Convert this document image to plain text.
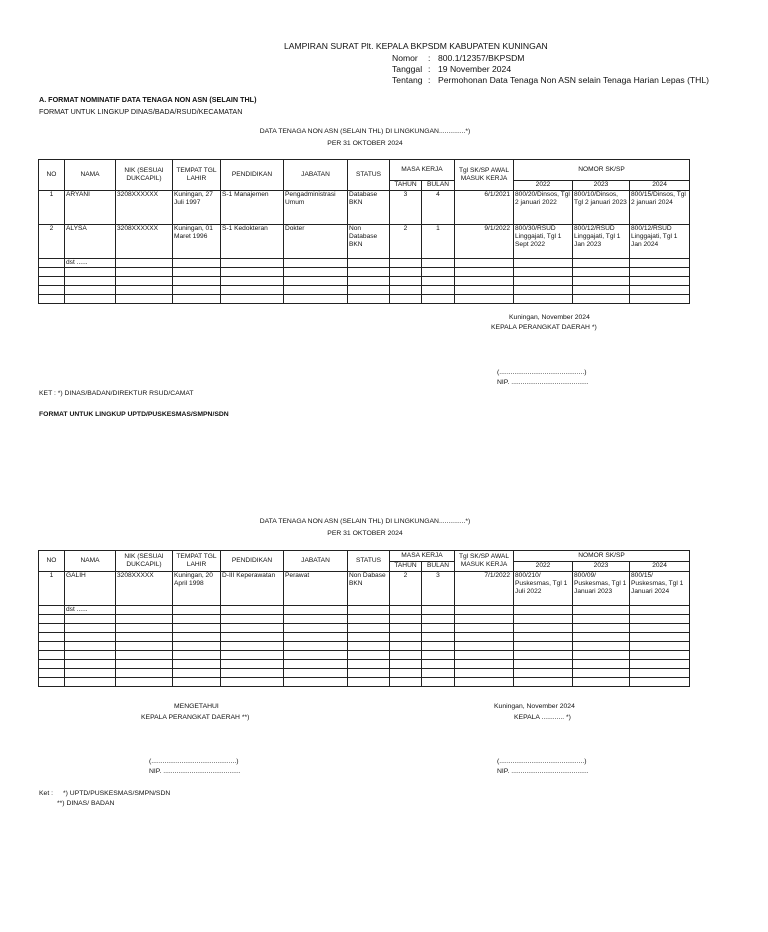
LAMPIRAN SURAT Plt. KEPALA BKPSDM KABUPATEN KUNINGAN
Nomor	: 800.1/12357/BKPSDM
Tanggal : 19 November 2024
Tentang : Permohonan Data Tenaga Non ASN selain Tenaga Harian Lepas (THL)
A. FORMAT NOMINATIF DATA TENAGA NON ASN (SELAIN THL)
FORMAT UNTUK LINGKUP DINAS/BADA/RSUD/KECAMATAN
DATA TENAGA NON ASN (SELAIN THL) DI LINGKUNGAN..............*)
PER 31 OKTOBER 2024
NO	NAMA	NIK (SESUAI DUKCAPIL)	TEMPAT TGL LAHIR	PENDIDIKAN	JABATAN	STATUS	MASA KERJA		Tgl SK/SP AWAL MASUK KERJA	NOMOR SK/SP		
							TAHUN	BULAN		2022	2023	2024
1	ARYANI	3208XXXXXX	Kuningan, 27 Juli 1997	S-1 Manajemen	Pengadministrasi Umum	Database BKN	3	4	6/1/2021	800/20/Dinsos, Tgl 2 januari 2022	800/10/Dinsos, Tgl 2 januari 2023	800/15/Dinsos, Tgl 2 januari 2024
2	ALYSA	3208XXXXXX	Kuningan, 01 Maret 1996	S-1 Kedokteran	Dokter	Non Database BKN	2	1	9/1/2022	800/30/RSUD Linggajati, Tgl 1 Sept 2022	800/12/RSUD Linggajati, Tgl 1 Jan 2023	800/12/RSUD Linggajati, Tgl 1 Jan 2024
	dst ......											

Kuningan, November 2024
KEPALA PERANGKAT DAERAH *)
(.............................................)
NIP. .........................................
KET : *) DINAS/BADAN/DIREKTUR RSUD/CAMAT
FORMAT UNTUK LINGKUP UPTD/PUSKESMAS/SMPN/SDN
DATA TENAGA NON ASN (SELAIN THL) DI LINGKUNGAN..............*)
PER 31 OKTOBER 2024
NO	NAMA	NIK (SESUAI DUKCAPIL)	TEMPAT TGL LAHIR	PENDIDIKAN	JABATAN	STATUS	MASA KERJA		Tgl SK/SP AWAL MASUK KERJA	NOMOR SK/SP		
							TAHUN	BULAN		2022	2023	2024
1	GALIH	3208XXXXX	Kuningan, 20 April 1998	D-III Keperawatan	Perawat	Non Dabase BKN	2	3	7/1/2022	800/210/ Puskesmas, Tgl 1 Juli 2022	800/09/ Puskesmas, Tgl 1 Januari 2023	800/15/ Puskesmas, Tgl 1 Januari 2024
	dst ......											

MENGETAHUI
KEPALA PERANGKAT DAERAH **)
(.............................................)
NIP. .........................................
Kuningan, November 2024
KEPALA ............ *)
(.............................................)
NIP. .........................................
Ket : *) UPTD/PUSKESMAS/SMPN/SDN
**) DINAS/ BADAN
